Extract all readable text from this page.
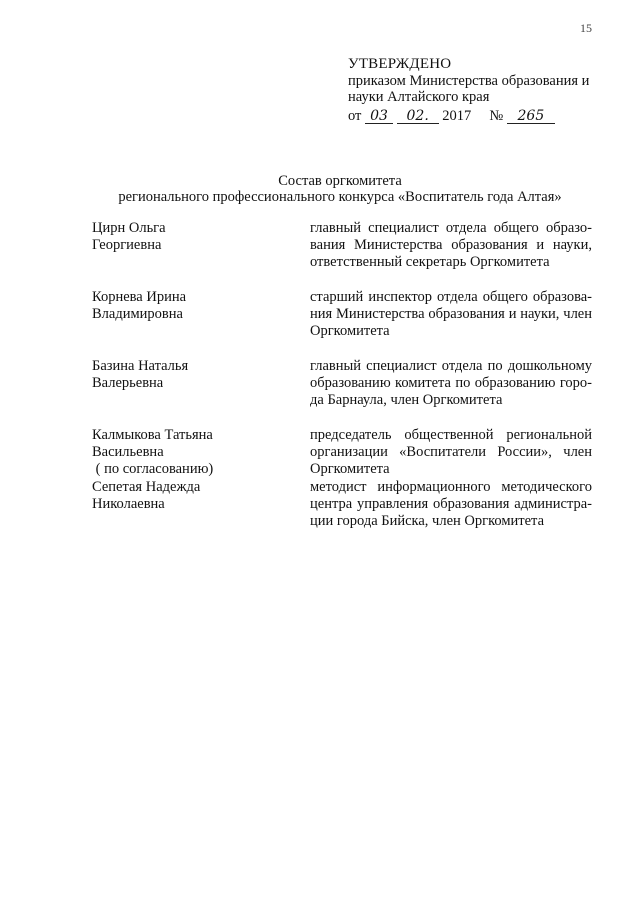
15
УТВЕРЖДЕНО
приказом Министерства образования и
науки Алтайского края
от 03 02. 2017 № 265
Состав оргкомитета
регионального профессионального конкурса «Воспитатель года Алтая»
Цирн Ольга
Георгиевна
главный специалист отдела общего образо-
вания Министерства образования и науки,
ответственный секретарь Оргкомитета
Корнева Ирина
Владимировна
старший инспектор отдела общего образова-
ния Министерства образования и науки, член
Оргкомитета
Базина Наталья
Валерьевна
главный специалист отдела по дошкольному
образованию комитета по образованию горо-
да Барнаула, член Оргкомитета
Калмыкова Татьяна
Васильевна
( по согласованию)
председатель общественной региональной
организации «Воспитатели России», член
Оргкомитета
Сепетая Надежда
Николаевна
методист информационного методического
центра управления образования администра-
ции города Бийска, член Оргкомитета
